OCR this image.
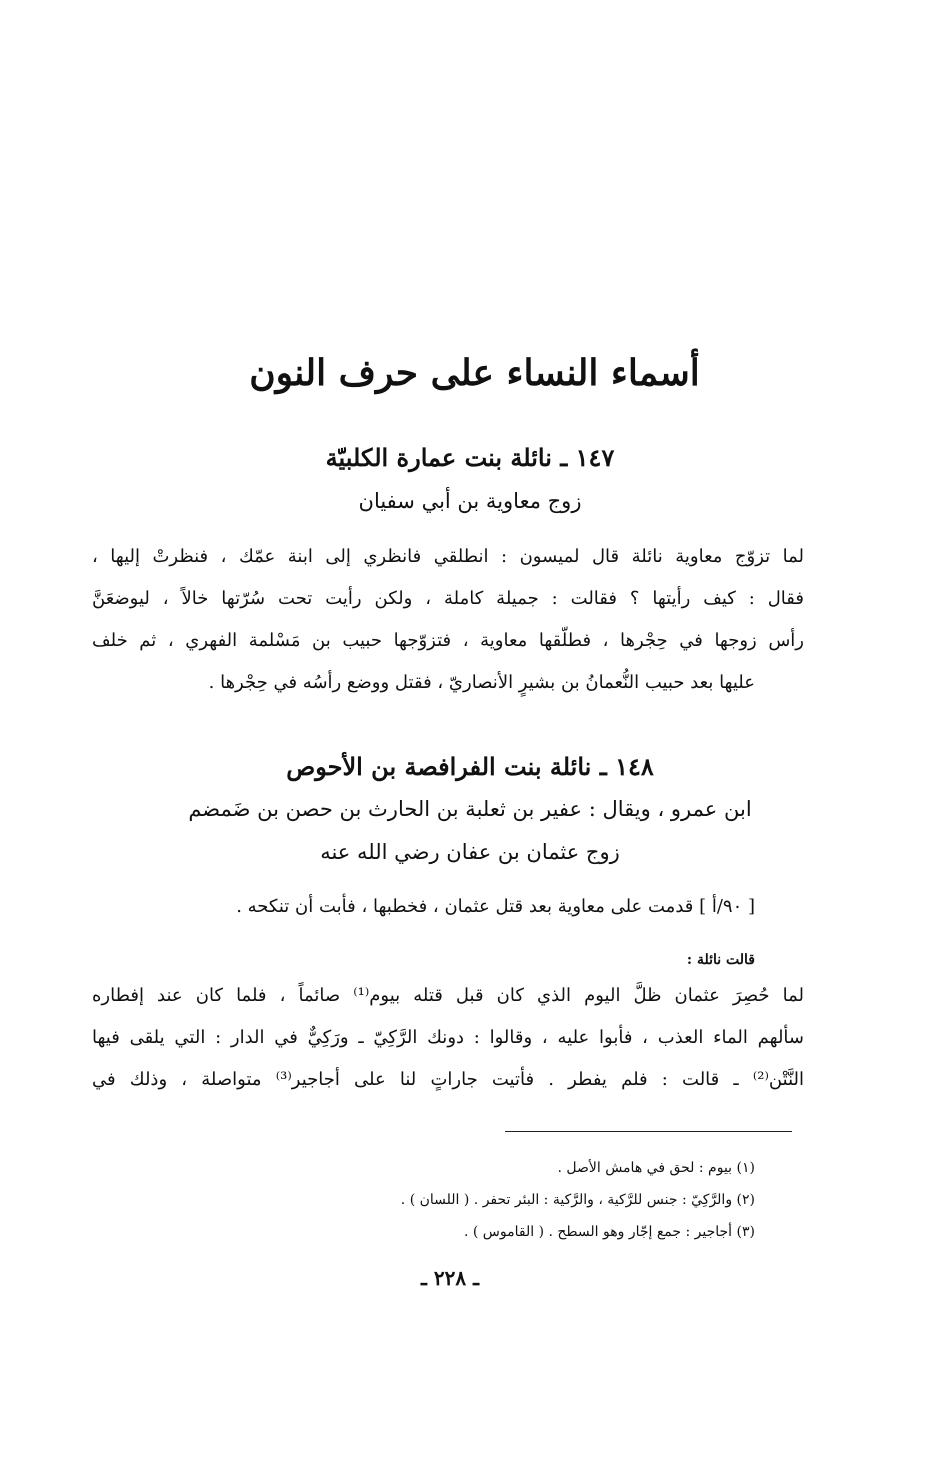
أسماء النساء على حرف النون
١٤٧ ـ نائلة بنت عمارة الكلبيّة
زوج معاوية بن أبي سفيان
لما تزوّج معاوية نائلة قال لميسون : انطلقي فانظري إلى ابنة عمّك ، فنظرتْ إليها ،
فقال : كيف رأيتها ؟ فقالت : جميلة كاملة ، ولكن رأيت تحت سُرّتها خالاً ، ليوضعَنَّ
رأس زوجها في حِجْرها ، فطلّقها معاوية ، فتزوّجها حبيب بن مَسْلمة الفهري ، ثم خلف
عليها بعد حبيب النُّعمانُ بن بشيرٍ الأنصاريّ ، فقتل ووضع رأسُه في حِجْرها .
١٤٨ ـ نائلة بنت الفرافصة بن الأحوص
ابن عمرو ، ويقال : عفير بن ثعلبة بن الحارث بن حصن بن ضَمضم
زوج عثمان بن عفان رضي الله عنه
[ ٩٠/أ ] قدمت على معاوية بعد قتل عثمان ، فخطبها ، فأبت أن تنكحه .
قالت نائلة :
لما حُصِرَ عثمان ظلَّ اليوم الذي كان قبل قتله بيوم⁽¹⁾ صائماً ، فلما كان عند إفطاره
سألهم الماء العذب ، فأبوا عليه ، وقالوا : دونك الرَّكِيّ ـ ورَكِيٌّ في الدار : التي يلقى فيها
النَّتْن⁽²⁾ ـ قالت : فلم يفطر . فأتيت جاراتٍ لنا على أجاجير⁽³⁾ متواصلة ، وذلك في
(١) بيوم : لحق في هامش الأصل .
(٢) والرَّكِيّ : جنس للرَّكية ، والرَّكية : البئر تحفر . ( اللسان ) .
(٣) أجاجير : جمع إجّار وهو السطح . ( القاموس ) .
ـ ٢٢٨ ـ
